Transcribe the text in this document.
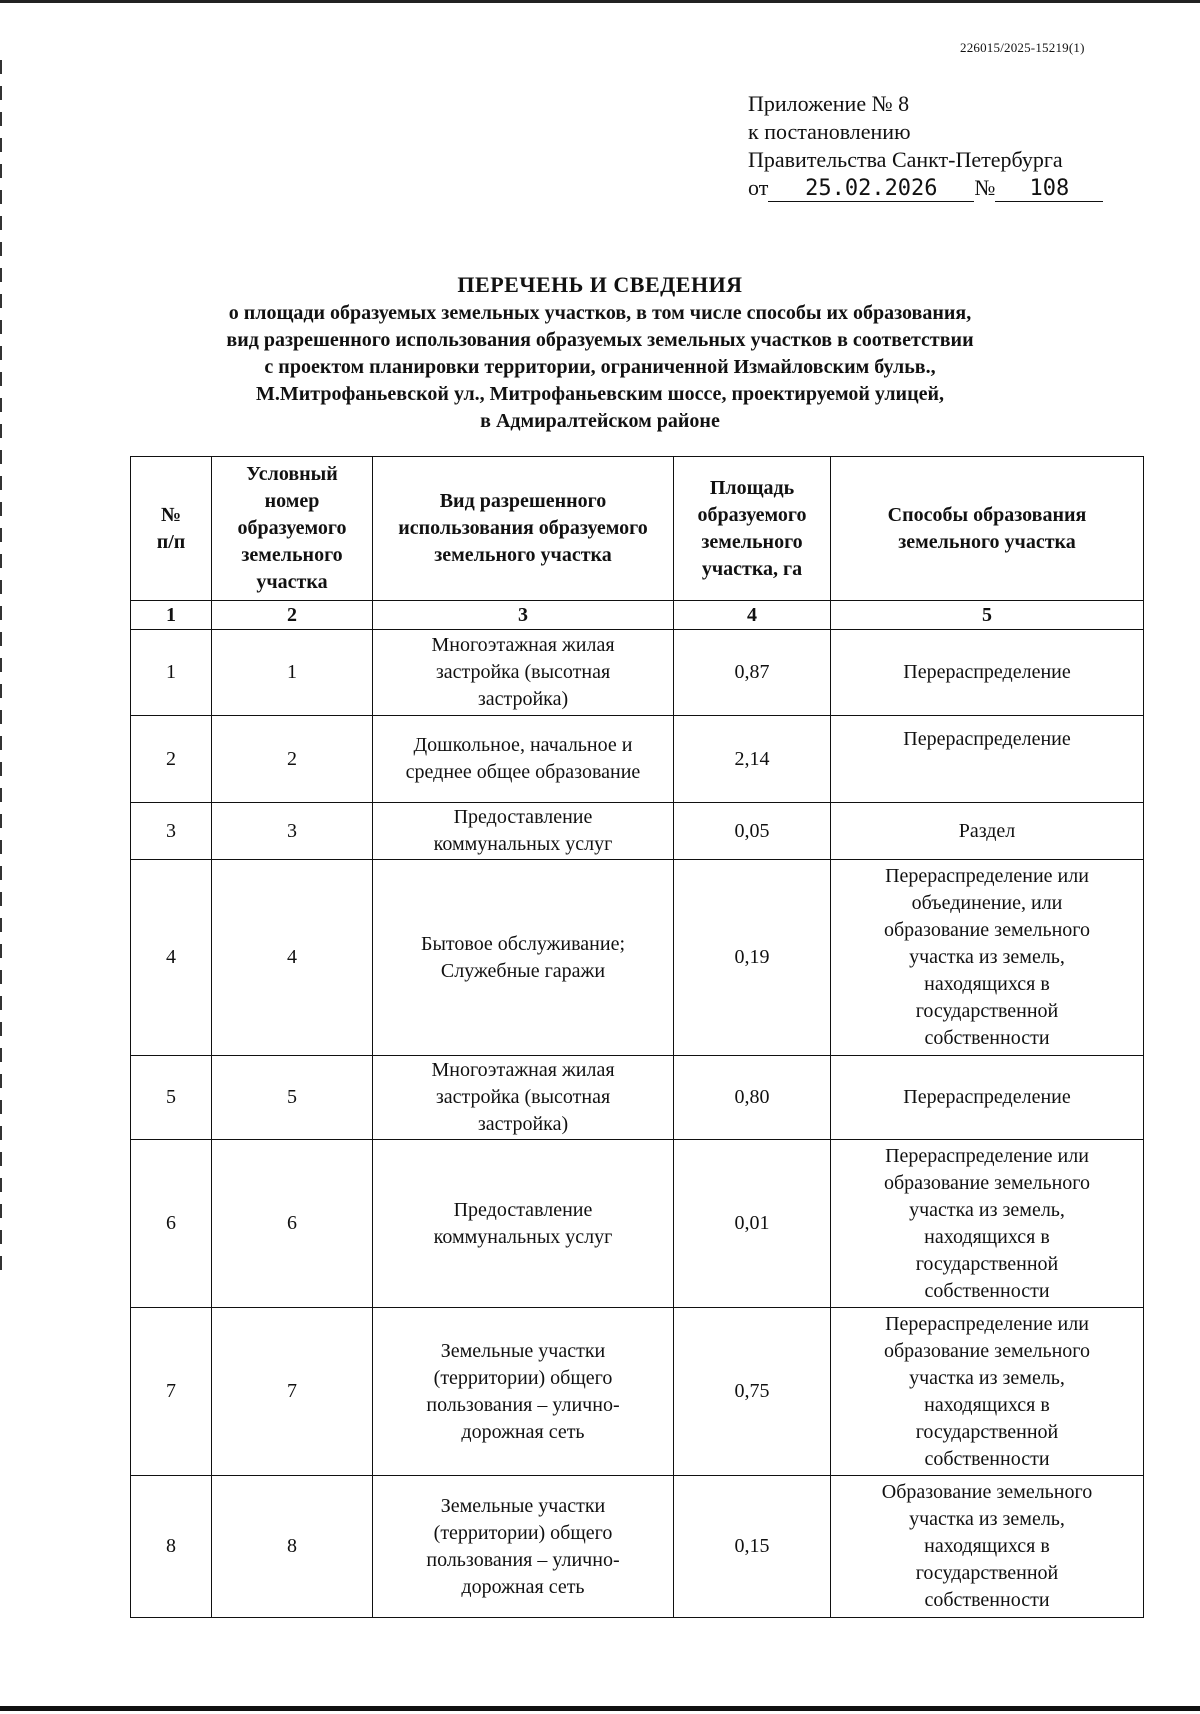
226015/2025-15219(1)
Приложение № 8
к постановлению
Правительства Санкт-Петербурга
от 25.02.2026 № 108
ПЕРЕЧЕНЬ И СВЕДЕНИЯ
о площади образуемых земельных участков, в том числе способы их образования,
вид разрешенного использования образуемых земельных участков в соответствии
с проектом планировки территории, ограниченной Измайловским бульв.,
М.Митрофаньевской ул., Митрофаньевским шоссе, проектируемой улицей,
в Адмиралтейском районе
№ п/п	Условный номер образуемого земельного участка	Вид разрешенного использования образуемого земельного участка	Площадь образуемого земельного участка, га	Способы образования земельного участка

1	2	3	4	5
1	1	Многоэтажная жилая застройка (высотная застройка)	0,87	Перераспределение
2	2	Дошкольное, начальное и среднее общее образование	2,14	Перераспределение
3	3	Предоставление коммунальных услуг	0,05	Раздел
4	4	Бытовое обслуживание; Служебные гаражи	0,19	Перераспределение или объединение, или образование земельного участка из земель, находящихся в государственной собственности

5	5	Многоэтажная жилая застройка (высотная застройка)	0,80	Перераспределение
6	6	Предоставление коммунальных услуг	0,01	Перераспределение или образование земельного участка из земель, находящихся в государственной собственности

7	7	Земельные участки (территории) общего пользования – улично-дорожная сеть	0,75	Перераспределение или образование земельного участка из земель, находящихся в государственной собственности

8	8	Земельные участки (территории) общего пользования – улично-дорожная сеть	0,15	Образование земельного участка из земель, находящихся в государственной собственности
